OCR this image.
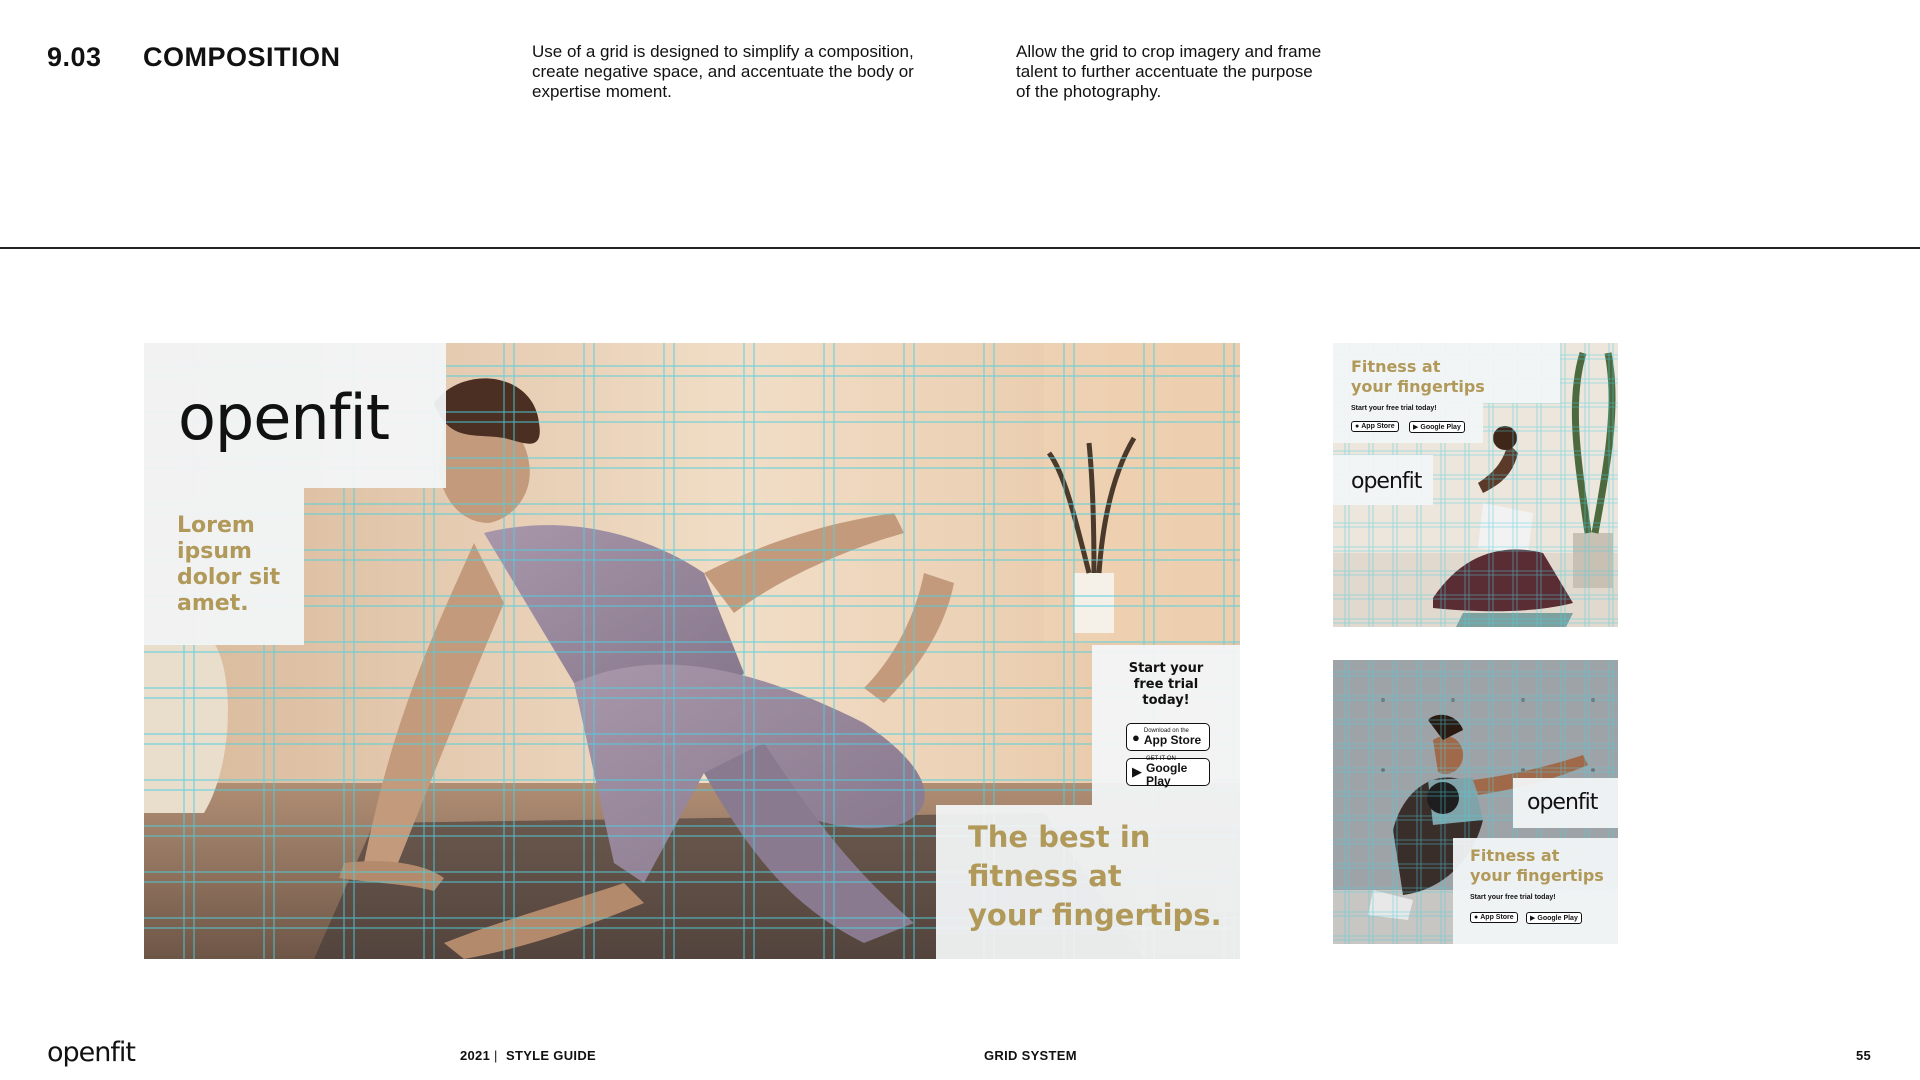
9.03 COMPOSITION	Use of a grid is designed to simplify a composition,
create negative space, and accentuate the body or
expertise moment.
Allow the grid to crop imagery and frame
talent to further accentuate the purpose
of the photography.
openfit
Lorem
ipsum
dolor sit
amet.
Start your
free trial
today!
● Download on the
App Store
▶
GET IT ON
Google Play
The best in
fitness at
your fingertips.
Fitness at
your fingertips
Start your free trial today!
● App Store	▶ Google Play
openfit
openfit
Fitness at
your fingertips
Start your free trial today!
● App Store ▶ Google Play
openfit	2021 | STYLE GUIDE	GRID SYSTEM	55
